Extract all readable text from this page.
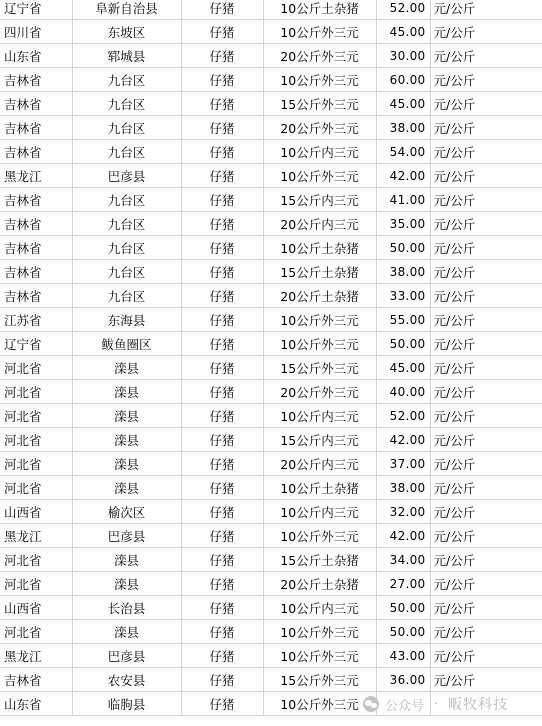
辽宁省	阜新自治县	仔猪	10公斤土杂猪	52.00	元/公斤
四川省	东坡区	仔猪	10公斤外三元	45.00	元/公斤
山东省	郓城县	仔猪	20公斤外三元	30.00	元/公斤
吉林省	九台区	仔猪	10公斤外三元	60.00	元/公斤
吉林省	九台区	仔猪	15公斤外三元	45.00	元/公斤
吉林省	九台区	仔猪	20公斤外三元	38.00	元/公斤
吉林省	九台区	仔猪	10公斤内三元	54.00	元/公斤
黑龙江	巴彦县	仔猪	10公斤外三元	42.00	元/公斤
吉林省	九台区	仔猪	15公斤内三元	41.00	元/公斤
吉林省	九台区	仔猪	20公斤内三元	35.00	元/公斤
吉林省	九台区	仔猪	10公斤土杂猪	50.00	元/公斤
吉林省	九台区	仔猪	15公斤土杂猪	38.00	元/公斤
吉林省	九台区	仔猪	20公斤土杂猪	33.00	元/公斤
江苏省	东海县	仔猪	10公斤外三元	55.00	元/公斤
辽宁省	鲅鱼圈区	仔猪	10公斤外三元	50.00	元/公斤
河北省	滦县	仔猪	15公斤外三元	45.00	元/公斤
河北省	滦县	仔猪	20公斤外三元	40.00	元/公斤
河北省	滦县	仔猪	10公斤内三元	52.00	元/公斤
河北省	滦县	仔猪	15公斤内三元	42.00	元/公斤
河北省	滦县	仔猪	20公斤内三元	37.00	元/公斤
河北省	滦县	仔猪	10公斤土杂猪	38.00	元/公斤
山西省	榆次区	仔猪	10公斤内三元	32.00	元/公斤
黑龙江	巴彦县	仔猪	10公斤外三元	42.00	元/公斤
河北省	滦县	仔猪	15公斤土杂猪	34.00	元/公斤
河北省	滦县	仔猪	20公斤土杂猪	27.00	元/公斤
山西省	长治县	仔猪	10公斤内三元	50.00	元/公斤
河北省	滦县	仔猪	10公斤外三元	50.00	元/公斤
黑龙江	巴彦县	仔猪	10公斤外三元	43.00	元/公斤
吉林省	农安县	仔猪	15公斤外三元	36.00	元/公斤
山东省	临朐县	仔猪	10公斤外三元		公众号 · 畈牧科技
